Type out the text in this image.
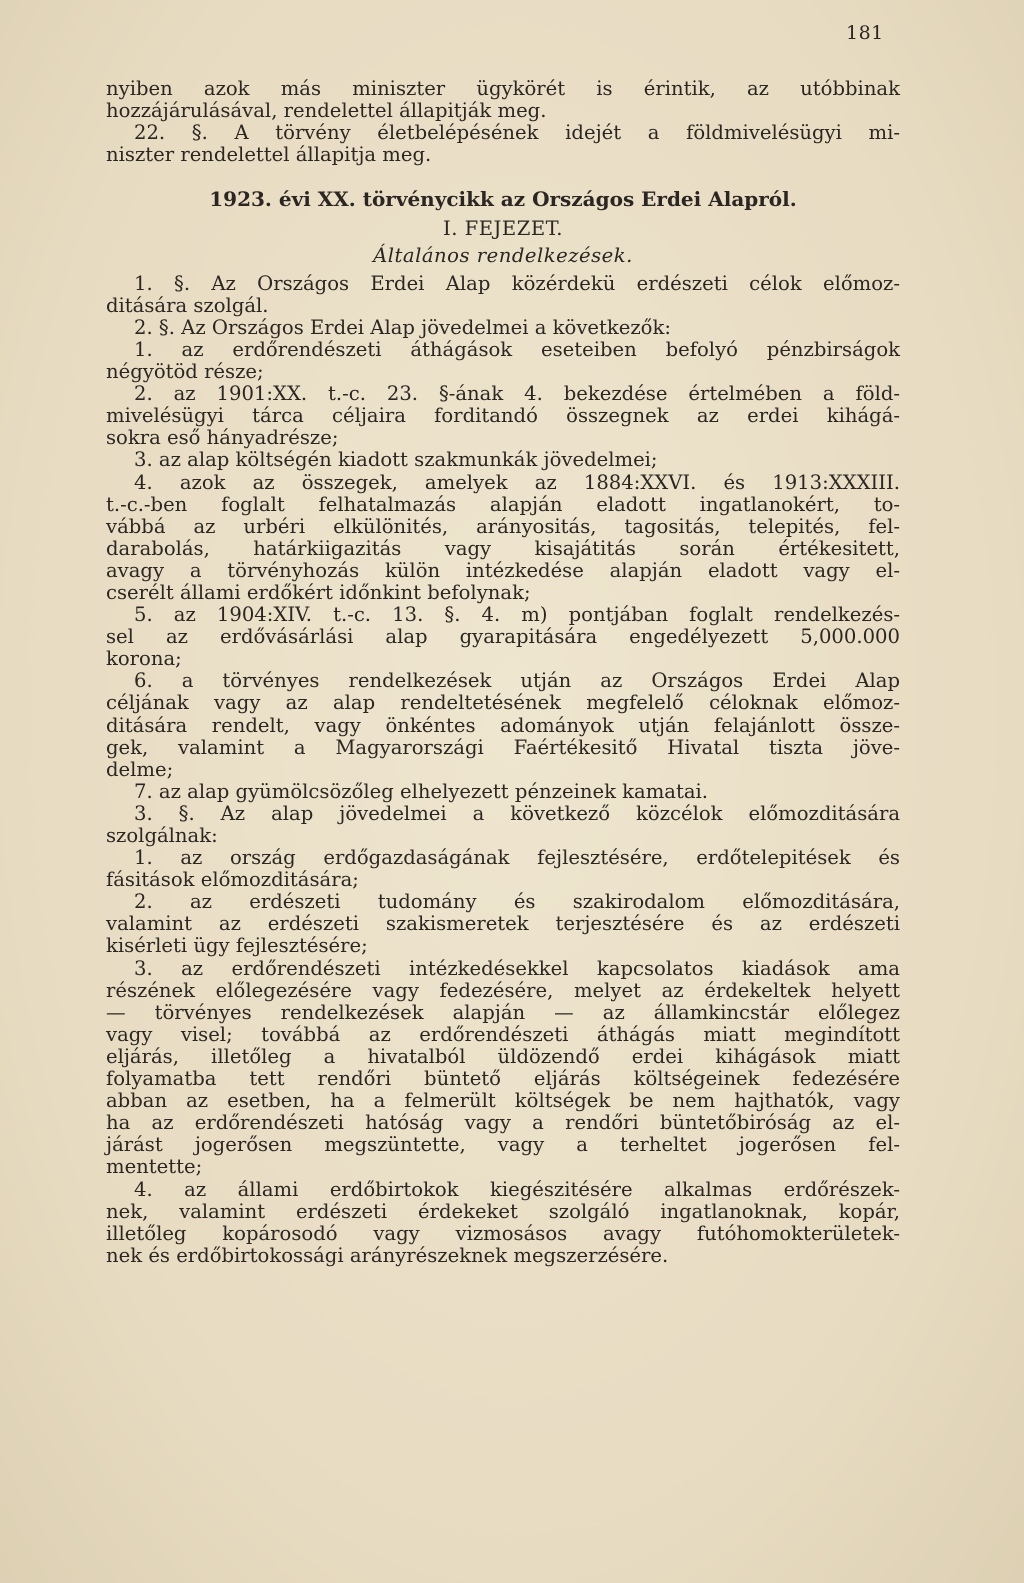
181
nyiben azok más miniszter ügykörét is érintik, az utóbbinak
hozzájárulásával, rendelettel állapitják meg.
22. §. A törvény életbelépésének idejét a földmivelésügyi mi-
niszter rendelettel állapitja meg.
1923. évi XX. törvénycikk az Országos Erdei Alapról.
I. FEJEZET.
Általános rendelkezések.
1. §. Az Országos Erdei Alap közérdekü erdészeti célok előmoz-
ditására szolgál.
2. §. Az Országos Erdei Alap jövedelmei a következők:
1. az erdőrendészeti áthágások eseteiben befolyó pénzbirságok
négyötöd része;
2. az 1901:XX. t.-c. 23. §-ának 4. bekezdése értelmében a föld-
mivelésügyi tárca céljaira forditandó összegnek az erdei kihágá-
sokra eső hányadrésze;
3. az alap költségén kiadott szakmunkák jövedelmei;
4. azok az összegek, amelyek az 1884:XXVI. és 1913:XXXIII.
t.-c.-ben foglalt felhatalmazás alapján eladott ingatlanokért, to-
vábbá az urbéri elkülönités, arányositás, tagositás, telepités, fel-
darabolás, határkiigazitás vagy kisajátitás során értékesitett,
avagy a törvényhozás külön intézkedése alapján eladott vagy el-
cserélt állami erdőkért időnkint befolynak;
5. az 1904:XIV. t.-c. 13. §. 4. m) pontjában foglalt rendelkezés-
sel az erdővásárlási alap gyarapitására engedélyezett 5,000.000
korona;
6. a törvényes rendelkezések utján az Országos Erdei Alap
céljának vagy az alap rendeltetésének megfelelő céloknak előmoz-
ditására rendelt, vagy önkéntes adományok utján felajánlott össze-
gek, valamint a Magyarországi Faértékesitő Hivatal tiszta jöve-
delme;
7. az alap gyümölcsözőleg elhelyezett pénzeinek kamatai.
3. §. Az alap jövedelmei a következő közcélok előmozditására
szolgálnak:
1. az ország erdőgazdaságának fejlesztésére, erdőtelepitések és
fásitások előmozditására;
2. az erdészeti tudomány és szakirodalom előmozditására,
valamint az erdészeti szakismeretek terjesztésére és az erdészeti
kisérleti ügy fejlesztésére;
3. az erdőrendészeti intézkedésekkel kapcsolatos kiadások ama
részének előlegezésére vagy fedezésére, melyet az érdekeltek helyett
— törvényes rendelkezések alapján — az államkincstár előlegez
vagy visel; továbbá az erdőrendészeti áthágás miatt megindított
eljárás, illetőleg a hivatalból üldözendő erdei kihágások miatt
folyamatba tett rendőri büntető eljárás költségeinek fedezésére
abban az esetben, ha a felmerült költségek be nem hajthatók, vagy
ha az erdőrendészeti hatóság vagy a rendőri büntetőbiróság az el-
járást jogerősen megszüntette, vagy a terheltet jogerősen fel-
mentette;
4. az állami erdőbirtokok kiegészitésére alkalmas erdőrészek-
nek, valamint erdészeti érdekeket szolgáló ingatlanoknak, kopár,
illetőleg kopárosodó vagy vizmosásos avagy futóhomokterületek-
nek és erdőbirtokossági arányrészeknek megszerzésére.
